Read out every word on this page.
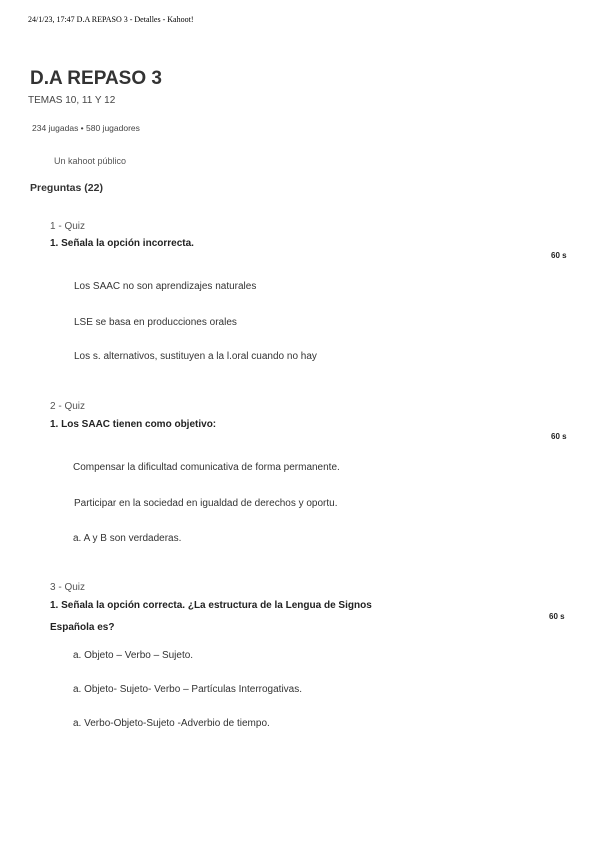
24/1/23, 17:47 D.A REPASO 3 - Detalles - Kahoot!
D.A REPASO 3
TEMAS 10, 11 Y 12
234 jugadas • 580 jugadores
Un kahoot público
Preguntas (22)
1 - Quiz
1. Señala la opción incorrecta.
60 s
Los SAAC no son aprendizajes naturales
LSE se basa en producciones orales
Los s. alternativos, sustituyen a la l.oral cuando no hay
2 - Quiz
1. Los SAAC tienen como objetivo:
60 s
Compensar la dificultad comunicativa de forma permanente.
Participar en la sociedad en igualdad de derechos y oportu.
a. A y B son verdaderas.
3 - Quiz
1. Señala la opción correcta. ¿La estructura de la Lengua de Signos
Española es?
60 s
a. Objeto – Verbo – Sujeto.
a. Objeto- Sujeto- Verbo – Partículas Interrogativas.
a. Verbo-Objeto-Sujeto -Adverbio de tiempo.
